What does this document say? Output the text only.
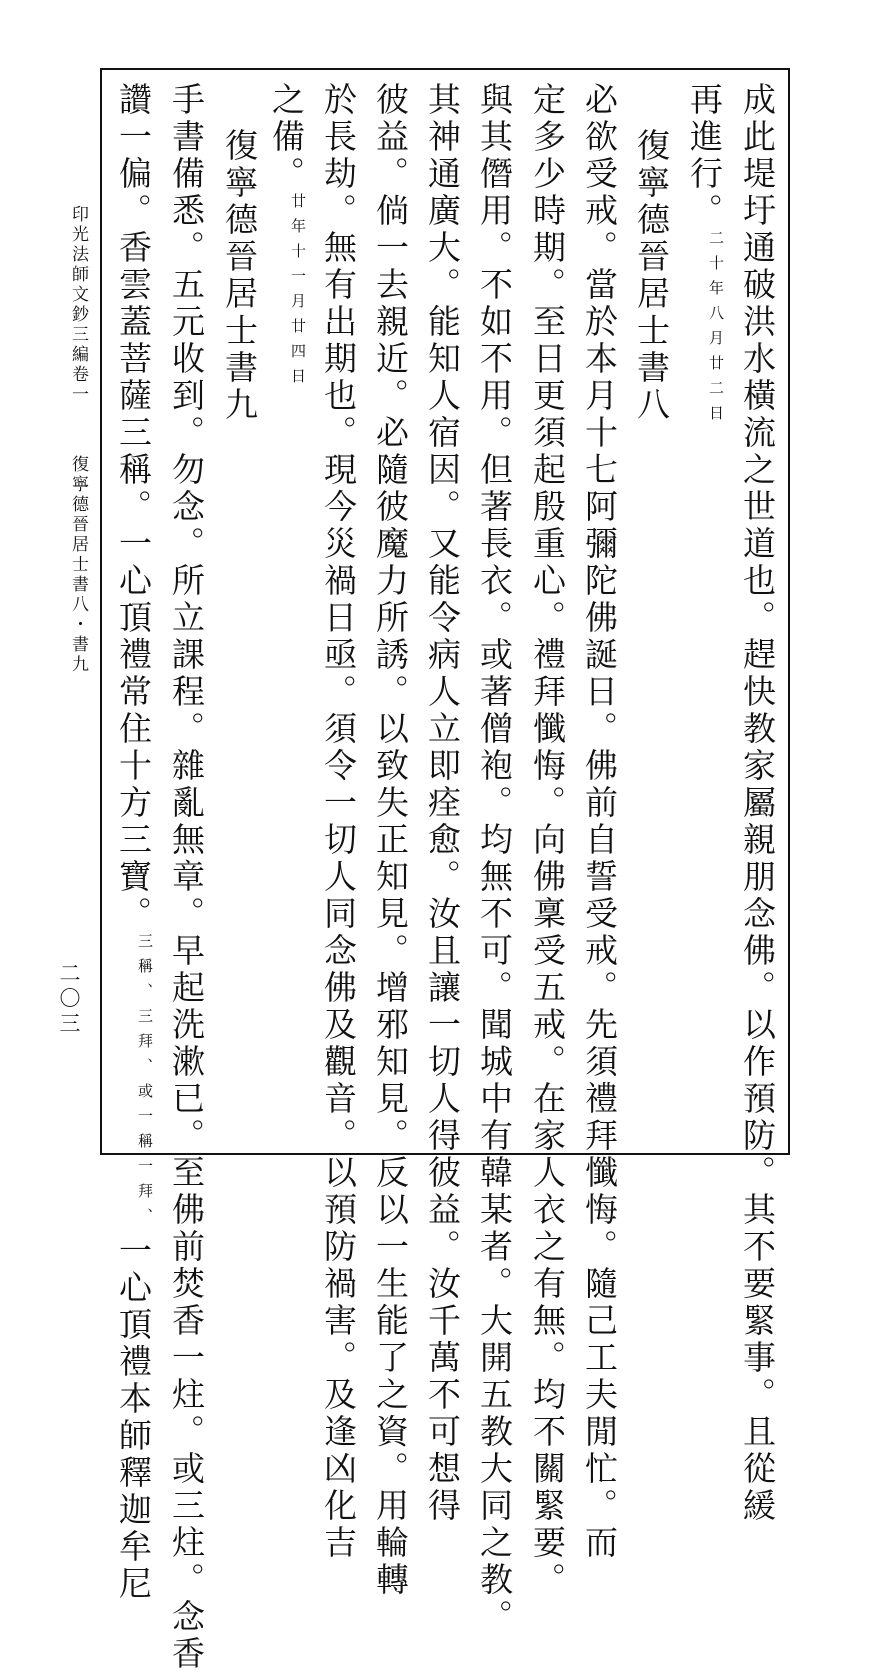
成此堤圩通破洪水橫流之世道也。趕快教家屬親朋念佛。以作預防。其不要緊事。且從緩
再進行。二十年八月廿二日
復寧德晉居士書八
必欲受戒。當於本月十七阿彌陀佛誕日。佛前自誓受戒。先須禮拜懺悔。隨己工夫閒忙。而
定多少時期。至日更須起殷重心。禮拜懺悔。向佛稟受五戒。在家人衣之有無。均不關緊要。
與其僭用。不如不用。但著長衣。或著僧袍。均無不可。聞城中有韓某者。大開五教大同之教。
其神通廣大。能知人宿因。又能令病人立即痊愈。汝且讓一切人得彼益。汝千萬不可想得
彼益。倘一去親近。必隨彼魔力所誘。以致失正知見。增邪知見。反以一生能了之資。用輪轉
於長劫。無有出期也。現今災禍日亟。須令一切人同念佛及觀音。以預防禍害。及逢凶化吉
之備。廿年十一月廿四日
復寧德晉居士書九
手書備悉。五元收到。勿念。所立課程。雜亂無章。早起洗漱已。至佛前焚香一炷。或三炷。念香
讚一偏。香雲蓋菩薩三稱。一心頂禮常住十方三寶。三稱、三拜、或一稱一拜、一心頂禮本師釋迦牟尼
印光法師文鈔三編卷一
復寧德晉居士書八・書九
二〇三
